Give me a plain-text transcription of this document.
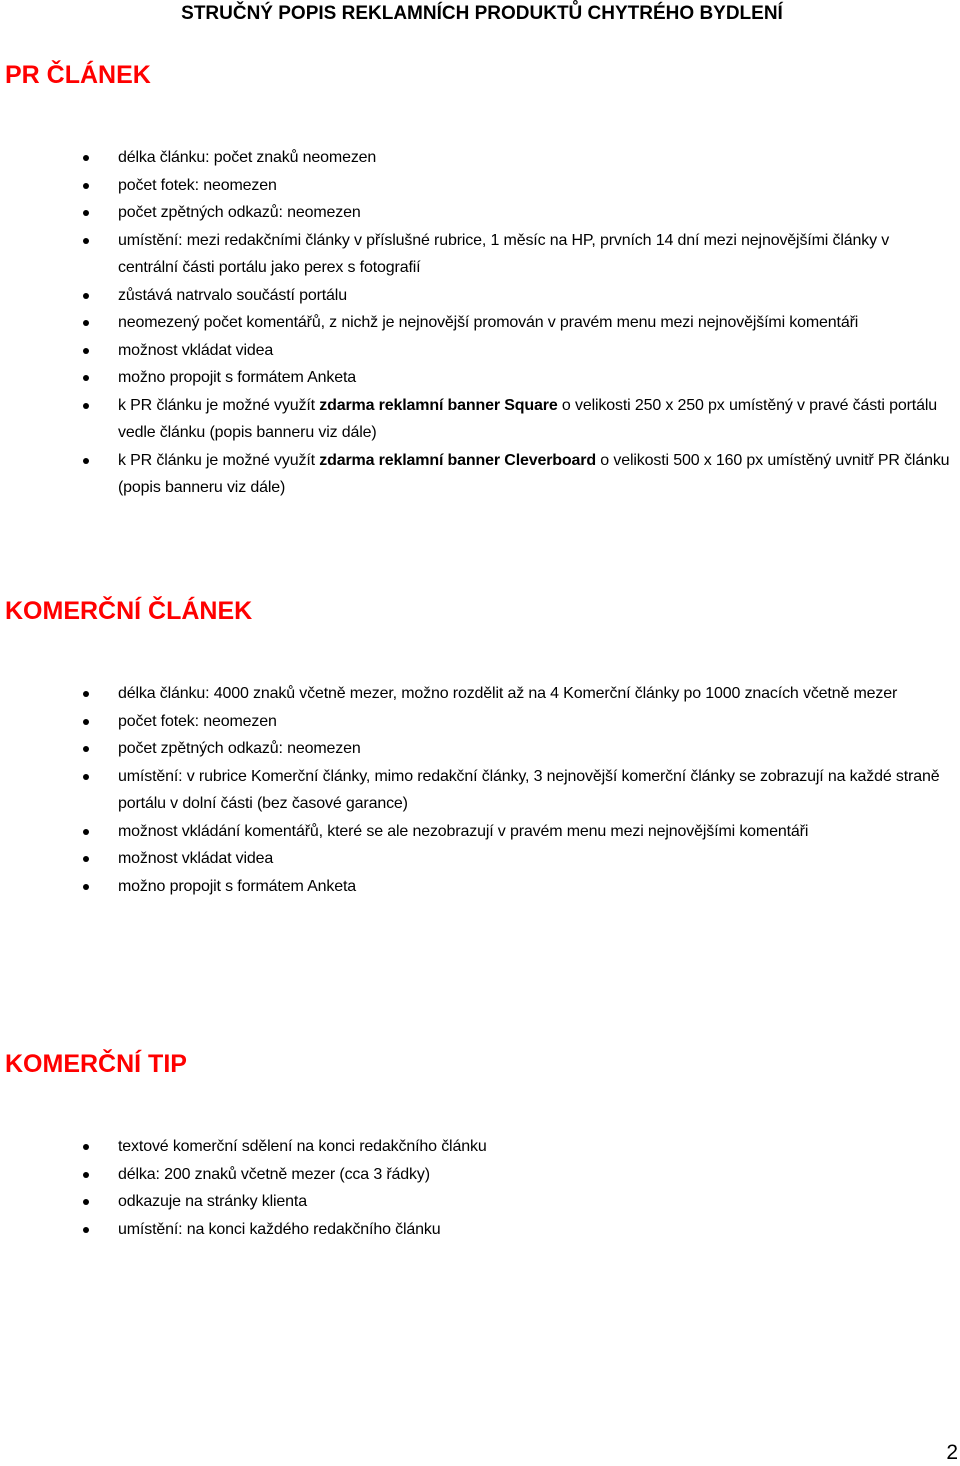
STRUČNÝ POPIS REKLAMNÍCH PRODUKTŮ CHYTRÉHO BYDLENÍ
PR ČLÁNEK
délka článku: počet znaků neomezen
počet fotek: neomezen
počet zpětných odkazů: neomezen
umístění: mezi redakčními články v příslušné rubrice, 1 měsíc na HP, prvních 14 dní mezi nejnovějšími články v centrální části portálu jako perex s fotografií
zůstává natrvalo součástí portálu
neomezený počet komentářů, z nichž je nejnovější promován v pravém menu mezi nejnovějšími komentáři
možnost vkládat videa
možno propojit s formátem Anketa
k PR článku je možné využít zdarma reklamní banner Square o velikosti 250 x 250 px umístěný v pravé části portálu vedle článku (popis banneru viz dále)
k PR článku je možné využít zdarma reklamní banner Cleverboard o velikosti 500 x 160 px umístěný uvnitř PR článku (popis banneru viz dále)
KOMERČNÍ ČLÁNEK
délka článku: 4000 znaků včetně mezer, možno rozdělit až na 4 Komerční články po 1000 znacích včetně mezer
počet fotek: neomezen
počet zpětných odkazů: neomezen
umístění: v rubrice Komerční články, mimo redakční články, 3 nejnovější komerční články se zobrazují na každé straně portálu v dolní části (bez časové garance)
možnost vkládání komentářů, které se ale nezobrazují v pravém menu mezi nejnovějšími komentáři
možnost vkládat videa
možno propojit s formátem Anketa
KOMERČNÍ TIP
textové komerční sdělení na konci redakčního článku
délka: 200 znaků včetně mezer (cca 3 řádky)
odkazuje na stránky klienta
umístění: na konci každého redakčního článku
2
